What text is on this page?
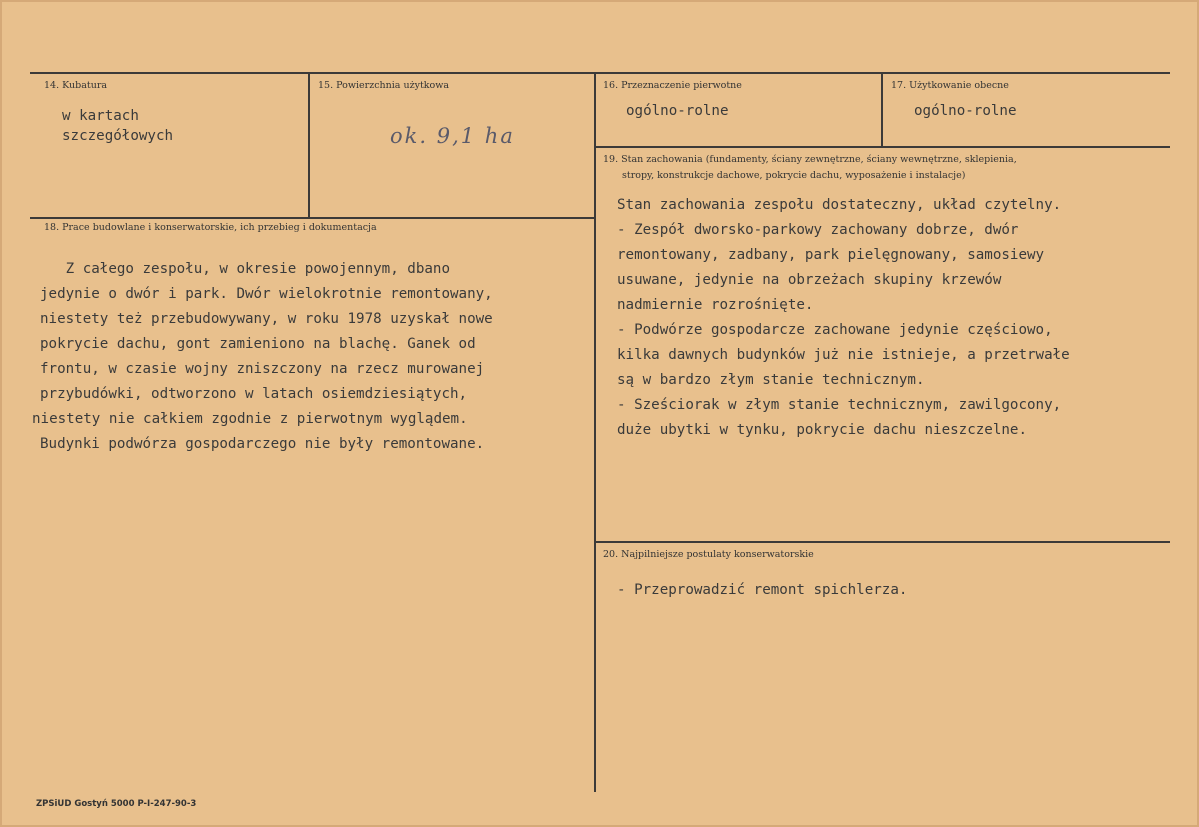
14. Kubatura
w kartach
szczegółowych
15. Powierzchnia użytkowa
ok. 9,1 ha
16. Przeznaczenie pierwotne
ogólno-rolne
17. Użytkowanie obecne
ogólno-rolne
18. Prace budowlane i konserwatorskie, ich przebieg i dokumentacja
Z całego zespołu, w okresie powojennym, dbano
jedynie o dwór i park. Dwór wielokrotnie remontowany,
niestety też przebudowywany, w roku 1978 uzyskał nowe
pokrycie dachu, gont zamieniono na blachę. Ganek od
frontu, w czasie wojny zniszczony na rzecz murowanej
przybudówki, odtworzono w latach osiemdziesiątych,
niestety nie całkiem zgodnie z pierwotnym wyglądem.
Budynki podwórza gospodarczego nie były remontowane.
19. Stan zachowania (fundamenty, ściany zewnętrzne, ściany wewnętrzne, sklepienia,
stropy, konstrukcje dachowe, pokrycie dachu, wyposażenie i instalacje)
Stan zachowania zespołu dostateczny, układ czytelny.
- Zespół dworsko-parkowy zachowany dobrze, dwór
remontowany, zadbany, park pielęgnowany, samosiewy
usuwane, jedynie na obrzeżach skupiny krzewów
nadmiernie rozrośnięte.
- Podwórze gospodarcze zachowane jedynie częściowo,
kilka dawnych budynków już nie istnieje, a przetrwałe
są w bardzo złym stanie technicznym.
- Sześciorak w złym stanie technicznym, zawilgocony,
duże ubytki w tynku, pokrycie dachu nieszczelne.
20. Najpilniejsze postulaty konserwatorskie
- Przeprowadzić remont spichlerza.
ZPSiUD Gostyń 5000 P-I-247-90-3
